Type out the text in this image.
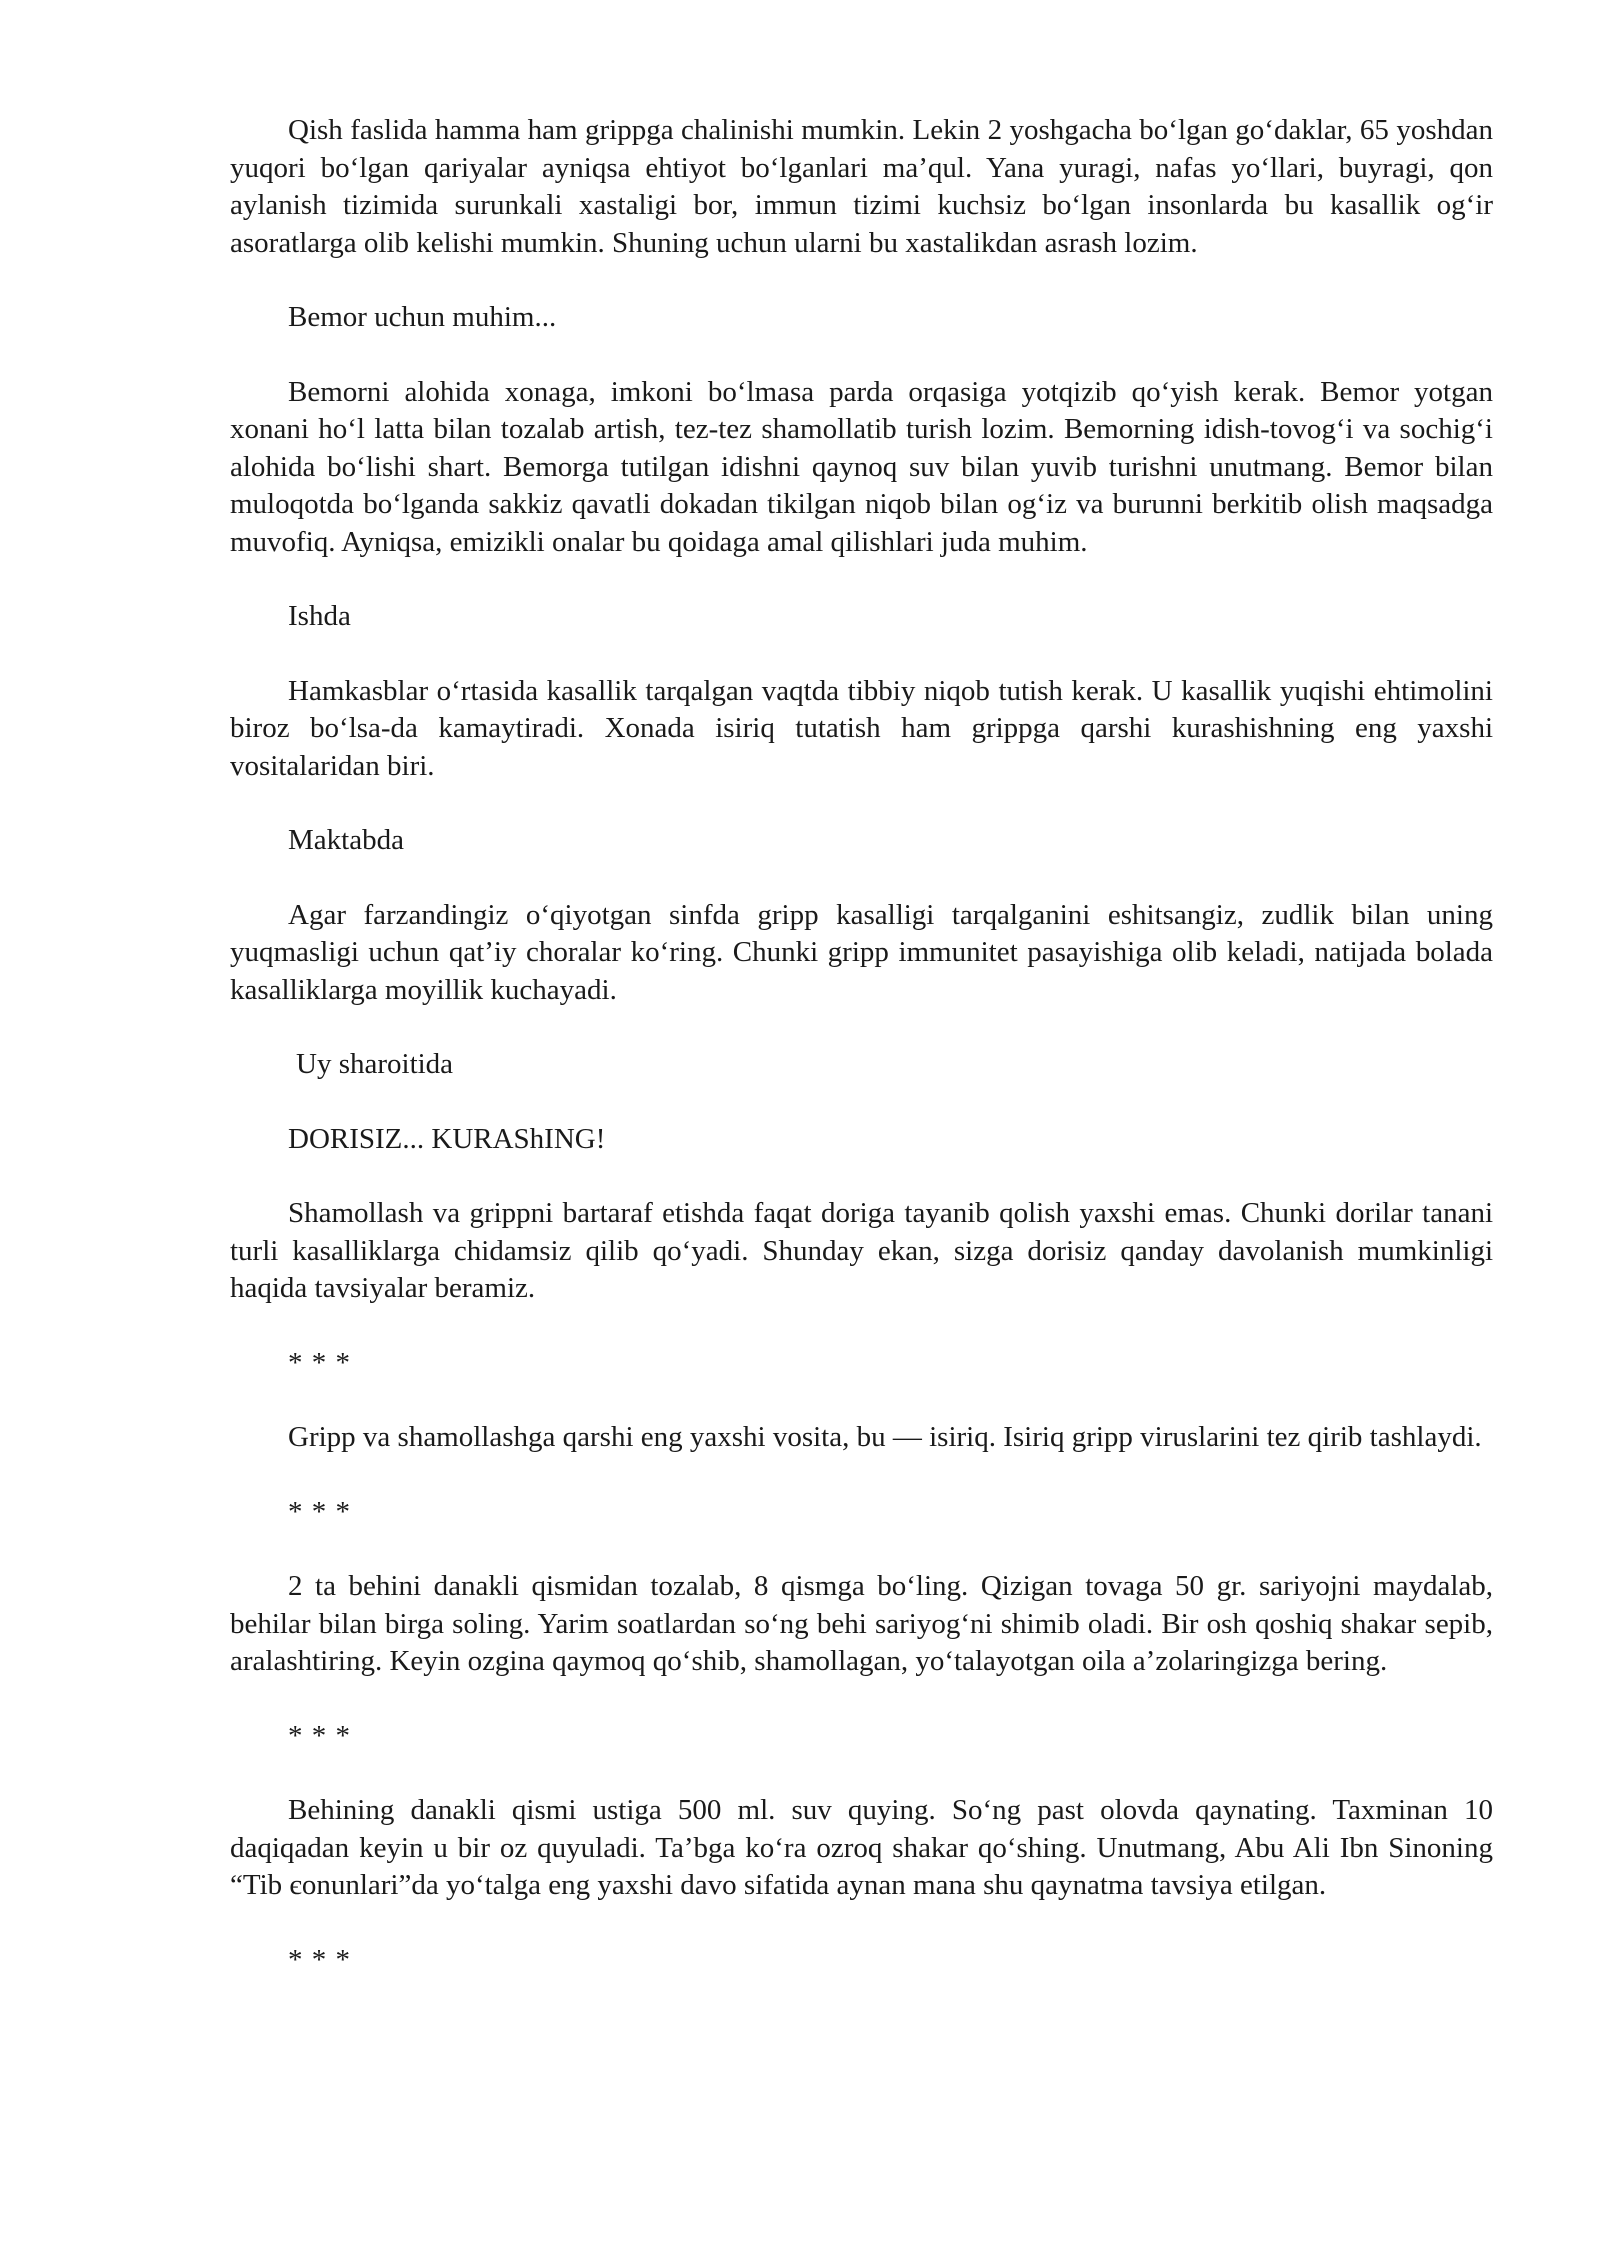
Qish faslida hamma ham grippga chalinishi mumkin. Lekin 2 yoshgacha bo‘lgan go‘daklar, 65 yoshdan yuqori bo‘lgan qariyalar ayniqsa ehtiyot bo‘lganlari ma’qul. Yana yuragi, nafas yo‘llari, buyragi, qon aylanish tizimida surunkali xastaligi bor, immun tizimi kuchsiz bo‘lgan insonlarda bu kasallik og‘ir asoratlarga olib kelishi mumkin. Shuning uchun ularni bu xastalikdan asrash lozim.

Bemor uchun muhim...

Bemorni alohida xonaga, imkoni bo‘lmasa parda orqasiga yotqizib qo‘yish kerak. Bemor yotgan xonani ho‘l latta bilan tozalab artish, tez-tez shamollatib turish lozim. Bemorning idish-tovog‘i va sochig‘i alohida bo‘lishi shart. Bemorga tutilgan idishni qaynoq suv bilan yuvib turishni unutmang. Bemor bilan muloqotda bo‘lganda sakkiz qavatli dokadan tikilgan niqob bilan og‘iz va burunni berkitib olish maqsadga muvofiq. Ayniqsa, emizikli onalar bu qoidaga amal qilishlari juda muhim.

Ishda

Hamkasblar o‘rtasida kasallik tarqalgan vaqtda tibbiy niqob tutish kerak. U kasallik yuqishi ehtimolini biroz bo‘lsa-da kamaytiradi. Xonada isiriq tutatish ham grippga qarshi kurashishning eng yaxshi vositalaridan biri.

Maktabda

Agar farzandingiz o‘qiyotgan sinfda gripp kasalligi tarqalganini eshitsangiz, zudlik bilan uning yuqmasligi uchun qat’iy choralar ko‘ring. Chunki gripp immunitet pasayishiga olib keladi, natijada bolada kasalliklarga moyillik kuchayadi.

Uy sharoitida

DORISIZ... KURAShING!

Shamollash va grippni bartaraf etishda faqat doriga tayanib qolish yaxshi emas. Chunki dorilar tanani turli kasalliklarga chidamsiz qilib qo‘yadi. Shunday ekan, sizga dorisiz qanday davolanish mumkinligi haqida tavsiyalar beramiz.

* * *

Gripp va shamollashga qarshi eng yaxshi vosita, bu — isiriq. Isiriq gripp viruslarini tez qirib tashlaydi.

* * *

2 ta behini danakli qismidan tozalab, 8 qismga bo‘ling. Qizigan tovaga 50 gr. sariyojni maydalab, behilar bilan birga soling. Yarim soatlardan so‘ng behi sariyog‘ni shimib oladi. Bir osh qoshiq shakar sepib, aralashtiring. Keyin ozgina qaymoq qo‘shib, shamollagan, yo‘talayotgan oila a’zolaringizga bering.

* * *

Behining danakli qismi ustiga 500 ml. suv quying. So‘ng past olovda qaynating. Taxminan 10 daqiqadan keyin u bir oz quyuladi. Ta’bga ko‘ra ozroq shakar qo‘shing. Unutmang, Abu Ali Ibn Sinoning “Tib єonunlari”da yo‘talga eng yaxshi davo sifatida aynan mana shu qaynatma tavsiya etilgan.

* * *
